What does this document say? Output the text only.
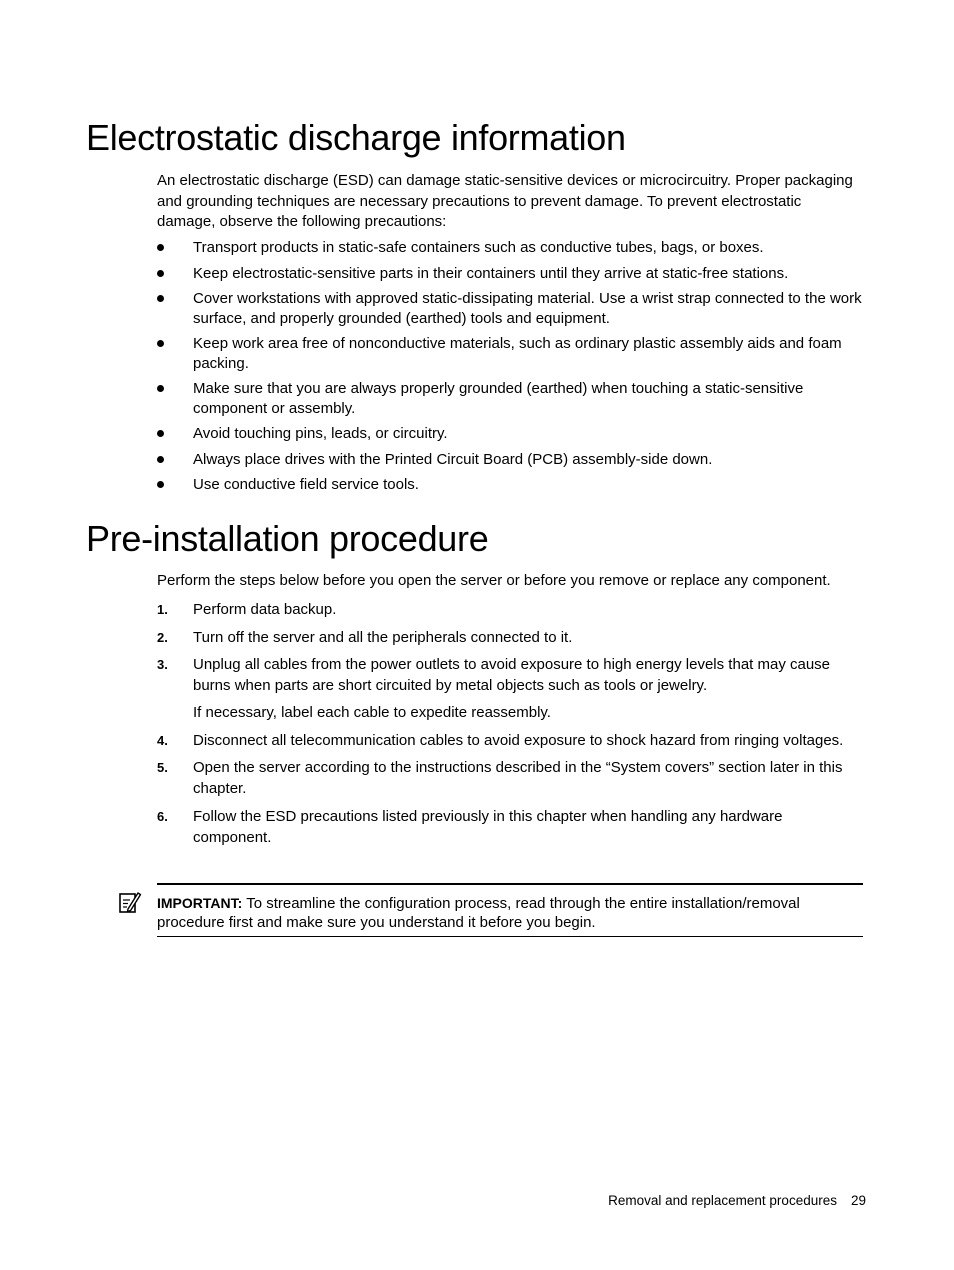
Electrostatic discharge information

An electrostatic discharge (ESD) can damage static-sensitive devices or microcircuitry. Proper packaging and grounding techniques are necessary precautions to prevent damage. To prevent electrostatic damage, observe the following precautions:

Transport products in static-safe containers such as conductive tubes, bags, or boxes.
Keep electrostatic-sensitive parts in their containers until they arrive at static-free stations.
Cover workstations with approved static-dissipating material. Use a wrist strap connected to the work surface, and properly grounded (earthed) tools and equipment.
Keep work area free of nonconductive materials, such as ordinary plastic assembly aids and foam packing.
Make sure that you are always properly grounded (earthed) when touching a static-sensitive component or assembly.
Avoid touching pins, leads, or circuitry.
Always place drives with the Printed Circuit Board (PCB) assembly-side down.
Use conductive field service tools.
Pre-installation procedure

Perform the steps below before you open the server or before you remove or replace any component.

1. Perform data backup.
2. Turn off the server and all the peripherals connected to it.
3. Unplug all cables from the power outlets to avoid exposure to high energy levels that may cause burns when parts are short circuited by metal objects such as tools or jewelry.
If necessary, label each cable to expedite reassembly.
4. Disconnect all telecommunication cables to avoid exposure to shock hazard from ringing voltages.
5. Open the server according to the instructions described in the “System covers” section later in this chapter.
6. Follow the ESD precautions listed previously in this chapter when handling any hardware component.
IMPORTANT: To streamline the configuration process, read through the entire installation/removal procedure first and make sure you understand it before you begin.
Removal and replacement procedures 29
